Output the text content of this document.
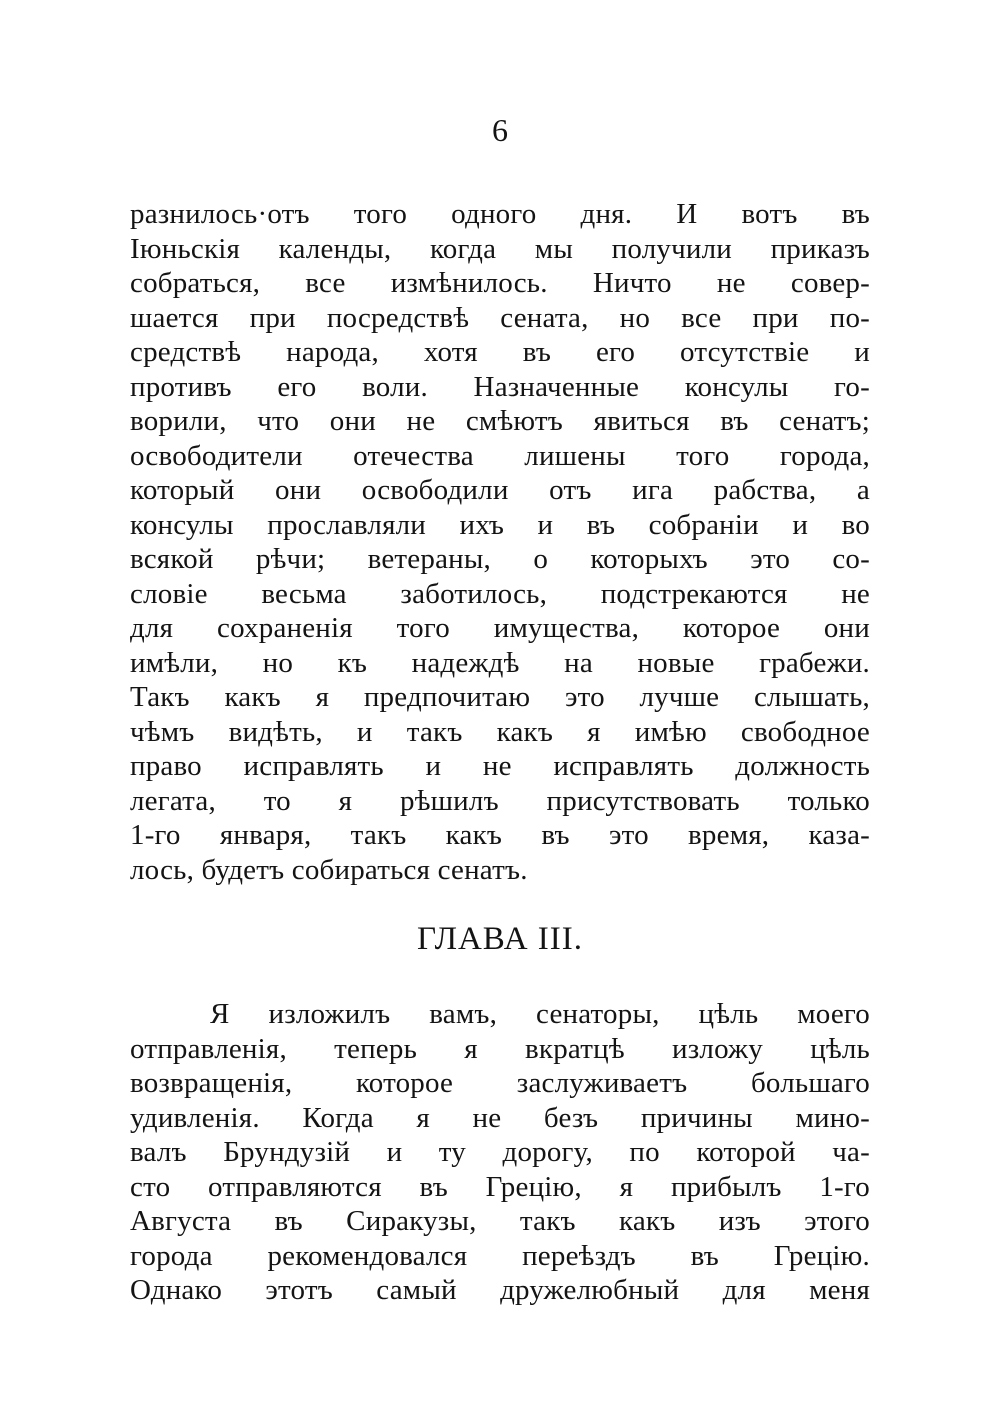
6
разнилось·отъ того одного дня. И вотъ въ
Іюньскія календы, когда мы получили приказъ
собраться, все измѣнилось. Ничто не совер-
шается при посредствѣ сената, но все при по-
средствѣ народа, хотя въ его отсутствіе и
противъ его воли. Назначенные консулы го-
ворили, что они не смѣютъ явиться въ сенатъ;
освободители отечества лишены того города,
который они освободили отъ ига рабства, а
консулы прославляли ихъ и въ собраніи и во
всякой рѣчи; ветераны, о которыхъ это со-
словіе весьма заботилось, подстрекаются не
для сохраненія того имущества, которое они
имѣли, но къ надеждѣ на новые грабежи.
Такъ какъ я предпочитаю это лучше слышать,
чѣмъ видѣть, и такъ какъ я имѣю свободное
право исправлять и не исправлять должность
легата, то я рѣшилъ присутствовать только
1-го января, такъ какъ въ это время, каза-
лось, будетъ собираться сенатъ.
ГЛАВА III.
Я изложилъ вамъ, сенаторы, цѣль моего
отправленія, теперь я вкратцѣ изложу цѣль
возвращенія, которое заслуживаетъ большаго
удивленія. Когда я не безъ причины мино-
валъ Брундузій и ту дорогу, по которой ча-
сто отправляются въ Грецію, я прибылъ 1-го
Августа въ Сиракузы, такъ какъ изъ этого
города рекомендовался переѣздъ въ Грецію.
Однако этотъ самый дружелюбный для меня
